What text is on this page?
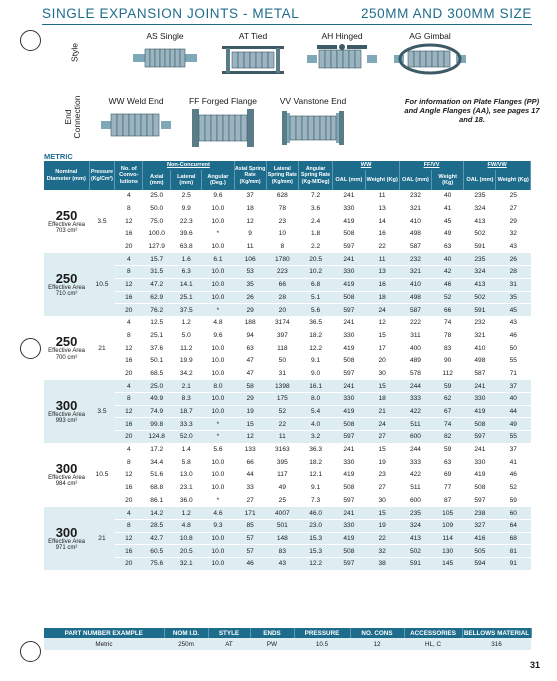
SINGLE EXPANSION JOINTS - METAL	250MM AND 300MM SIZE
Style
End
Connection
AS Single	AT Tied	AH Hinged	AG Gimbal
WW Weld End	FF Forged Flange	VV Vanstone End	For information on Plate Flanges (PP) and Angle Flanges (AA), see pages 17 and 18.
METRIC
Nominal Diameter (mm)	Pressure (Kg/Cm²)	No. of Convo-lutions	Non-Concurrent			Axial Spring Rate (Kg/mm)	Lateral Spring Rate (Kg/mm)	Angular Spring Rate (Kg-M/Deg)	WW		FF/VV		FW/VW	
			Axial (mm)	Lateral (mm)	Angular (Deg.)				OAL (mm)	Weight (Kg)	OAL (mm)	Weight (Kg)	OAL (mm)	Weight (Kg)

250
Effective Area
703 cm²	3.5	4	25.0	2.5	9.6	37	628	7.2	241	11	232	40	235	25
		8	50.0	9.9	10.0	18	78	3.6	330	13	321	41	324	27
		12	75.0	22.3	10.0	12	23	2.4	419	14	410	45	413	29
		16	100.0	39.6	*	9	10	1.8	508	16	498	49	502	32
		20	127.9	63.8	10.0	11	8	2.2	597	22	587	63	591	43

250
Effective Area
710 cm²	10.5	4	15.7	1.6	6.1	106	1780	20.5	241	11	232	40	235	26
		8	31.5	6.3	10.0	53	223	10.2	330	13	321	42	324	28
		12	47.2	14.1	10.0	35	66	6.8	419	16	410	46	413	31
		16	62.9	25.1	10.0	26	28	5.1	508	18	498	52	502	35
		20	76.2	37.5	*	29	20	5.6	597	24	587	66	591	45

250
Effective Area
700 cm²	21	4	12.5	1.2	4.8	188	3174	36.5	241	12	222	74	232	43
		8	25.1	5.0	9.6	94	397	18.2	330	15	311	78	321	46
		12	37.6	11.2	10.0	63	118	12.2	419	17	400	83	410	50
		16	50.1	19.9	10.0	47	50	9.1	508	20	489	90	498	55
		20	68.5	34.2	10.0	47	31	9.0	597	30	578	112	587	71

300
Effective Area
993 cm²	3.5	4	25.0	2.1	8.0	58	1398	16.1	241	15	244	59	241	37
		8	49.9	8.3	10.0	29	175	8.0	330	18	333	62	330	40
		12	74.9	18.7	10.0	19	52	5.4	419	21	422	67	419	44
		16	99.8	33.3	*	15	22	4.0	508	24	511	74	508	49
		20	124.8	52.0	*	12	11	3.2	597	27	600	82	597	55

300
Effective Area
984 cm²	10.5	4	17.2	1.4	5.6	133	3163	36.3	241	15	244	59	241	37
		8	34.4	5.8	10.0	66	395	18.2	330	19	333	63	330	41
		12	51.6	13.0	10.0	44	117	12.1	419	23	422	69	419	46
		16	68.8	23.1	10.0	33	49	9.1	508	27	511	77	508	52
		20	86.1	36.0	*	27	25	7.3	597	30	600	87	597	59

300
Effective Area
971 cm²	21	4	14.2	1.2	4.6	171	4007	46.0	241	15	235	105	238	60
		8	28.5	4.8	9.3	85	501	23.0	330	19	324	109	327	64
		12	42.7	10.8	10.0	57	148	15.3	419	22	413	114	416	68
		16	60.5	20.5	10.0	57	83	15.3	508	32	502	130	505	81
		20	75.6	32.1	10.0	46	43	12.2	597	38	591	145	594	91
PART NUMBER EXAMPLE	NOM I.D.	STYLE	ENDS	PRESSURE	NO. CONS	ACCESSORIES	BELLOWS MATERIAL
Metric	250m	AT	PW	10.5	12	HL, C	316
31
